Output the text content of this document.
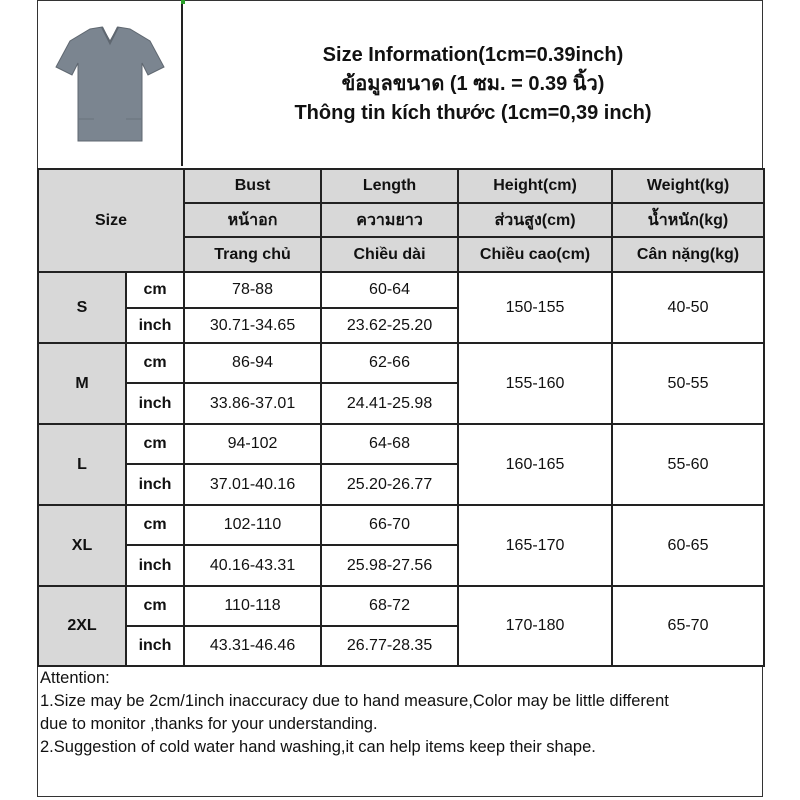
Size Information(1cm=0.39inch)
ข้อมูลขนาด (1 ซม. = 0.39 นิ้ว)
Thông tin kích thước (1cm=0,39 inch)
Size		Bust	Length	Height(cm)	Weight(kg)
		หน้าอก	ความยาว	ส่วนสูง(cm)	น้ำหนัก(kg)
		Trang chủ	Chiều dài	Chiều cao(cm)	Cân nặng(kg)
S	cm	78-88	60-64	150-155	40-50
	inch	30.71-34.65	23.62-25.20		
M	cm	86-94	62-66	155-160	50-55
	inch	33.86-37.01	24.41-25.98		
L	cm	94-102	64-68	160-165	55-60
	inch	37.01-40.16	25.20-26.77		
XL	cm	102-110	66-70	165-170	60-65
	inch	40.16-43.31	25.98-27.56		
2XL	cm	110-118	68-72	170-180	65-70
	inch	43.31-46.46	26.77-28.35		
Attention:
1.Size may be 2cm/1inch inaccuracy due to hand measure,Color may be little different
due to monitor ,thanks for your understanding.
2.Suggestion of cold water hand washing,it can help items keep their shape.
